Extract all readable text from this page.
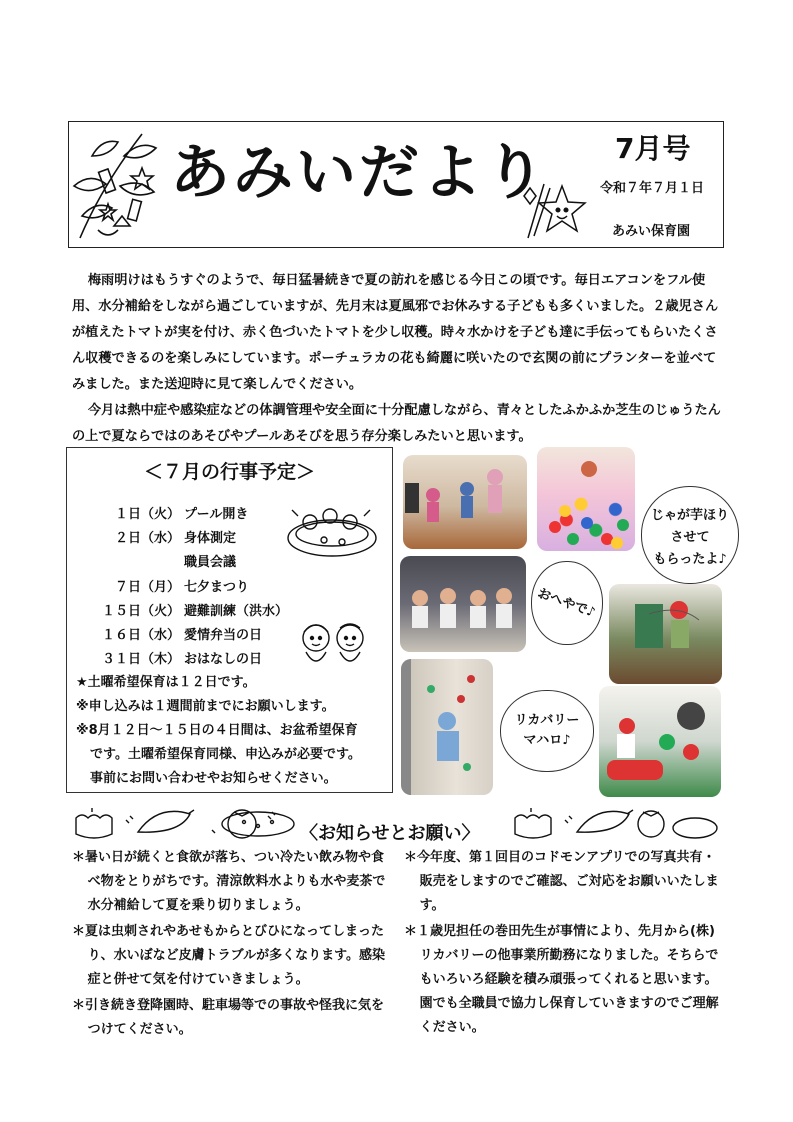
あみいだより 7月号
令和７年７月１日
あみい保育園

梅雨明けはもうすぐのようで、毎日猛暑続きで夏の訪れを感じる今日この頃です。毎日エアコンをフル使用、水分補給をしながら過ごしていますが、先月末は夏風邪でお休みする子どもも多くいました。２歳児さんが植えたトマトが実を付け、赤く色づいたトマトを少し収穫。時々水かけを子ども達に手伝ってもらいたくさん収穫できるのを楽しみにしています。ポーチュラカの花も綺麗に咲いたので玄関の前にプランターを並べてみました。また送迎時に見て楽しんでください。

今月は熱中症や感染症などの体調管理や安全面に十分配慮しながら、青々としたふかふか芝生のじゅうたんの上で夏ならではのあそびやプールあそびを思う存分楽しみたいと思います。

＜７月の行事予定＞
１日（火） プール開き
２日（水） 身体測定
職員会議
７日（月） 七夕まつり
１５日（火） 避難訓練（洪水）
１６日（水） 愛情弁当の日
３１日（木） おはなしの日
★土曜希望保育は１２日です。
※申し込みは１週間前までにお願いします。
※8月１２日～１５日の４日間は、お盆希望保育
です。土曜希望保育同様、申込みが必要です。
事前にお問い合わせやお知らせください。
じゃが芋ほり
させて
もらったよ♪
おへやで♪
リカバリー
マハロ♪
〈お知らせとお願い〉

＊暑い日が続くと食欲が落ち、つい冷たい飲み物や食べ物をとりがちです。清涼飲料水よりも水や麦茶で水分補給して夏を乗り切りましょう。

＊夏は虫刺されやあせもからとびひになってしまったり、水いぼなど皮膚トラブルが多くなります。感染症と併せて気を付けていきましょう。

＊引き続き登降園時、駐車場等での事故や怪我に気をつけてください。

＊今年度、第１回目のコドモンアプリでの写真共有・販売をしますのでご確認、ご対応をお願いいたします。

＊１歳児担任の巻田先生が事情により、先月から(株)リカバリーの他事業所勤務になりました。そちらでもいろいろ経験を積み頑張ってくれると思います。園でも全職員で協力し保育していきますのでご理解ください。
